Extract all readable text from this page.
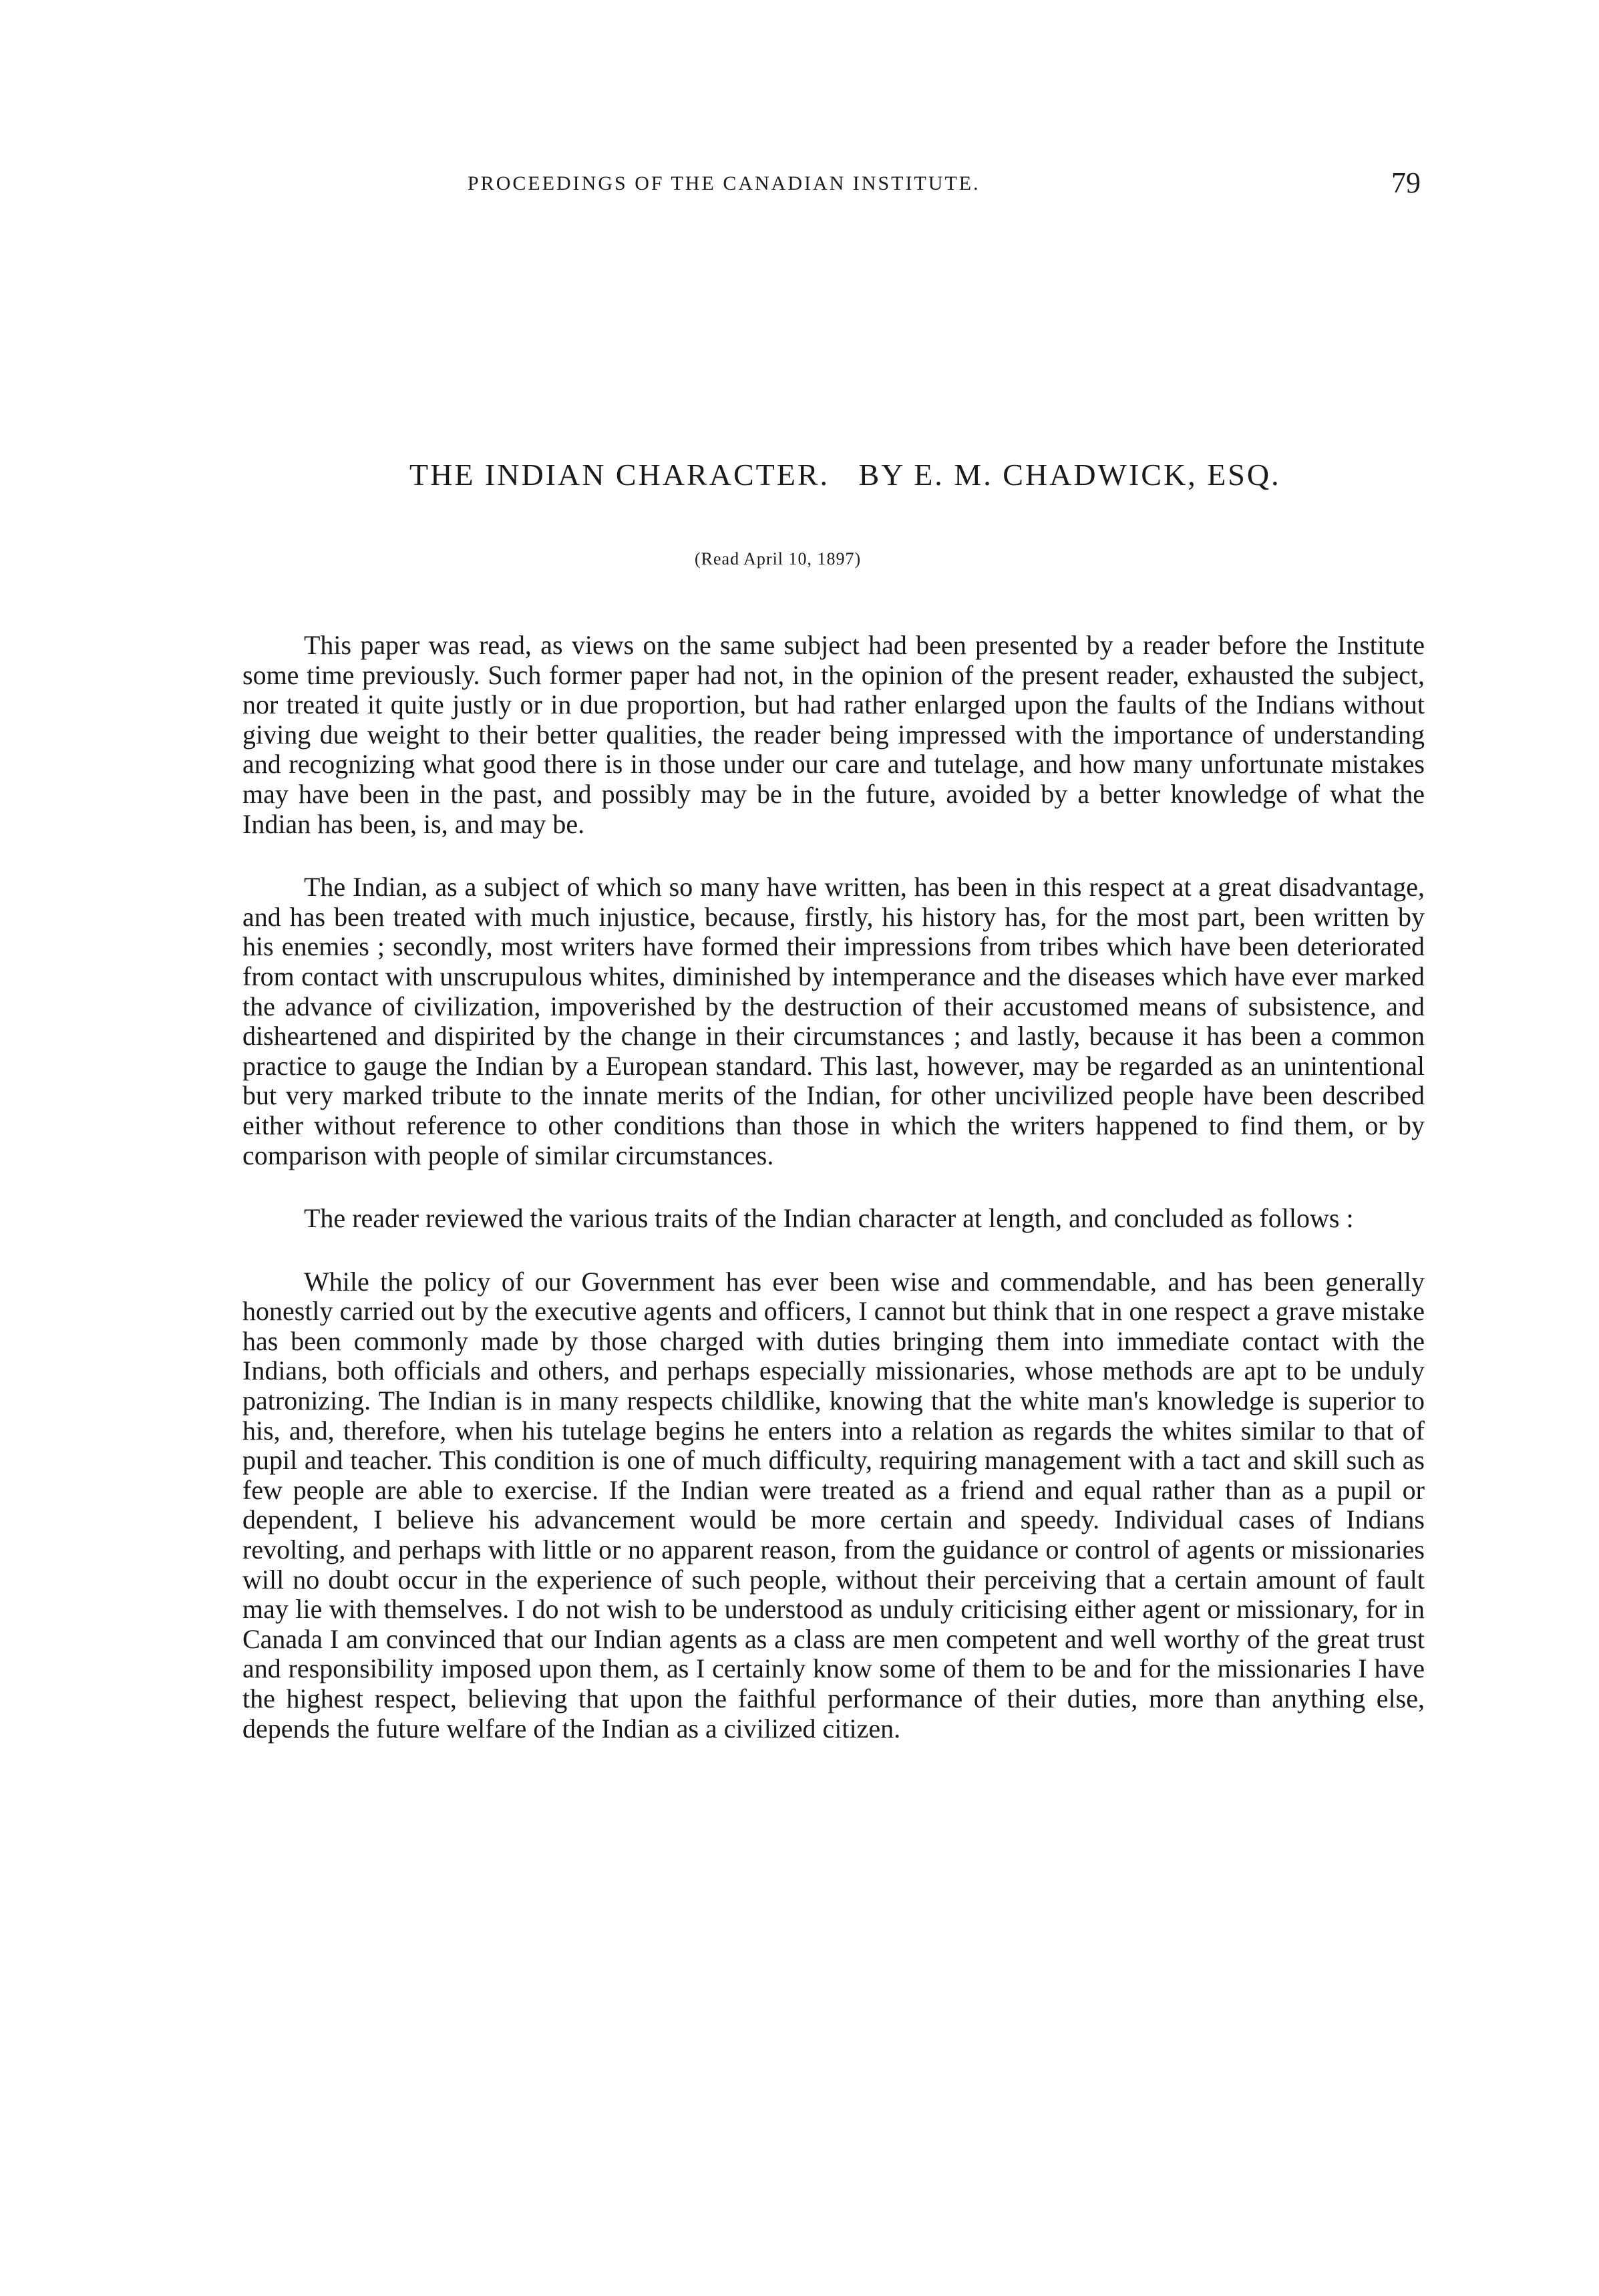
PROCEEDINGS OF THE CANADIAN INSTITUTE.	79
THE INDIAN CHARACTER.   BY E. M. CHADWICK, ESQ.
(Read April 10, 1897)

This paper was read, as views on the same subject had been presented by a reader before the Institute some time previously. Such former paper had not, in the opinion of the present reader, exhausted the subject, nor treated it quite justly or in due proportion, but had rather enlarged upon the faults of the Indians without giving due weight to their better qualities, the reader being impressed with the importance of understanding and recognizing what good there is in those under our care and tutelage, and how many unfortunate mistakes may have been in the past, and possibly may be in the future, avoided by a better knowledge of what the Indian has been, is, and may be.

The Indian, as a subject of which so many have written, has been in this respect at a great disadvantage, and has been treated with much injustice, because, firstly, his history has, for the most part, been written by his enemies ; secondly, most writers have formed their impressions from tribes which have been deteriorated from contact with unscrupulous whites, diminished by intemperance and the diseases which have ever marked the advance of civilization, impoverished by the destruction of their accustomed means of subsistence, and disheartened and dispirited by the change in their circumstances ; and lastly, because it has been a common practice to gauge the Indian by a European standard. This last, however, may be regarded as an unintentional but very marked tribute to the innate merits of the Indian, for other uncivilized people have been described either without reference to other conditions than those in which the writers happened to find them, or by comparison with people of similar circumstances.

The reader reviewed the various traits of the Indian character at length, and concluded as follows :

While the policy of our Government has ever been wise and commendable, and has been generally honestly carried out by the executive agents and officers, I cannot but think that in one respect a grave mistake has been commonly made by those charged with duties bringing them into immediate contact with the Indians, both officials and others, and perhaps especially missionaries, whose methods are apt to be unduly patronizing. The Indian is in many respects childlike, knowing that the white man's knowledge is superior to his, and, therefore, when his tutelage begins he enters into a relation as regards the whites similar to that of pupil and teacher. This condition is one of much difficulty, requiring management with a tact and skill such as few people are able to exercise. If the Indian were treated as a friend and equal rather than as a pupil or dependent, I believe his advancement would be more certain and speedy. Individual cases of Indians revolting, and perhaps with little or no apparent reason, from the guidance or control of agents or missionaries will no doubt occur in the experience of such people, without their perceiving that a certain amount of fault may lie with themselves. I do not wish to be understood as unduly criticising either agent or missionary, for in Canada I am convinced that our Indian agents as a class are men competent and well worthy of the great trust and responsibility imposed upon them, as I certainly know some of them to be and for the missionaries I have the highest respect, believing that upon the faithful performance of their duties, more than anything else, depends the future welfare of the Indian as a civilized citizen.
